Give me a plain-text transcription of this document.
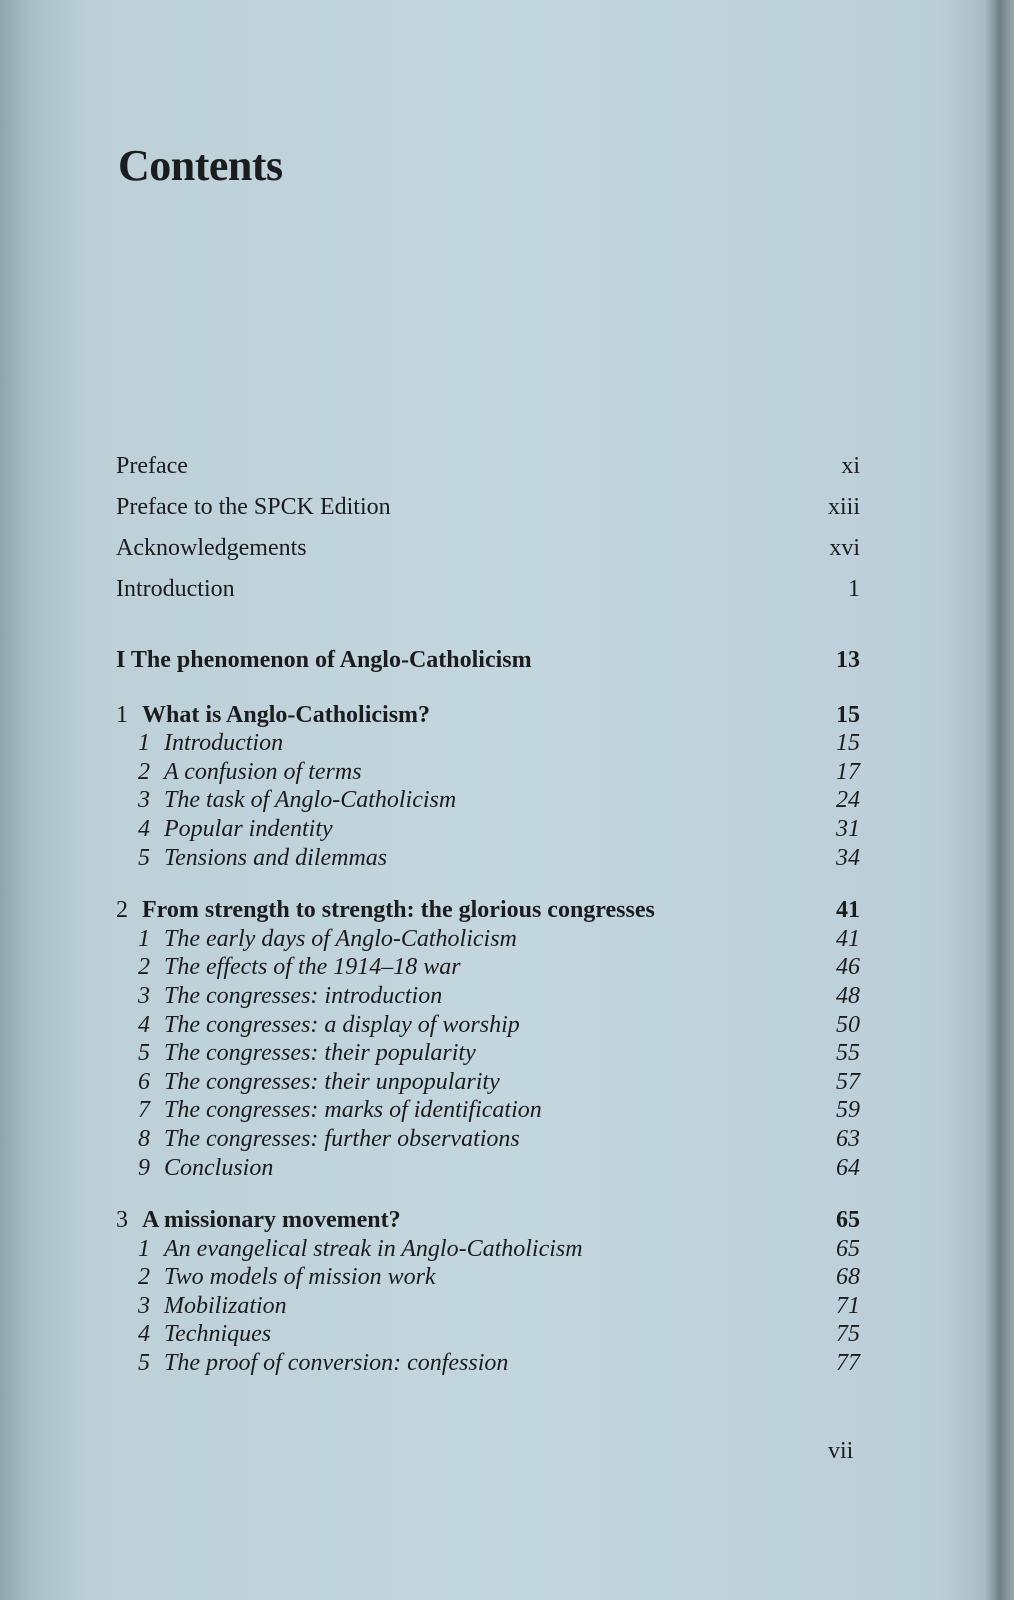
Contents
Preface	xi
Preface to the SPCK Edition	xiii
Acknowledgements	xvi
Introduction	1
I The phenomenon of Anglo-Catholicism	13
1 What is Anglo-Catholicism?	15
1 Introduction	15
2 A confusion of terms	17
3 The task of Anglo-Catholicism	24
4 Popular indentity	31
5 Tensions and dilemmas	34
2 From strength to strength: the glorious congresses	41
1 The early days of Anglo-Catholicism	41
2 The effects of the 1914–18 war	46
3 The congresses: introduction	48
4 The congresses: a display of worship	50
5 The congresses: their popularity	55
6 The congresses: their unpopularity	57
7 The congresses: marks of identification	59
8 The congresses: further observations	63
9 Conclusion	64
3 A missionary movement?	65
1 An evangelical streak in Anglo-Catholicism	65
2 Two models of mission work	68
3 Mobilization	71
4 Techniques	75
5 The proof of conversion: confession	77
vii
